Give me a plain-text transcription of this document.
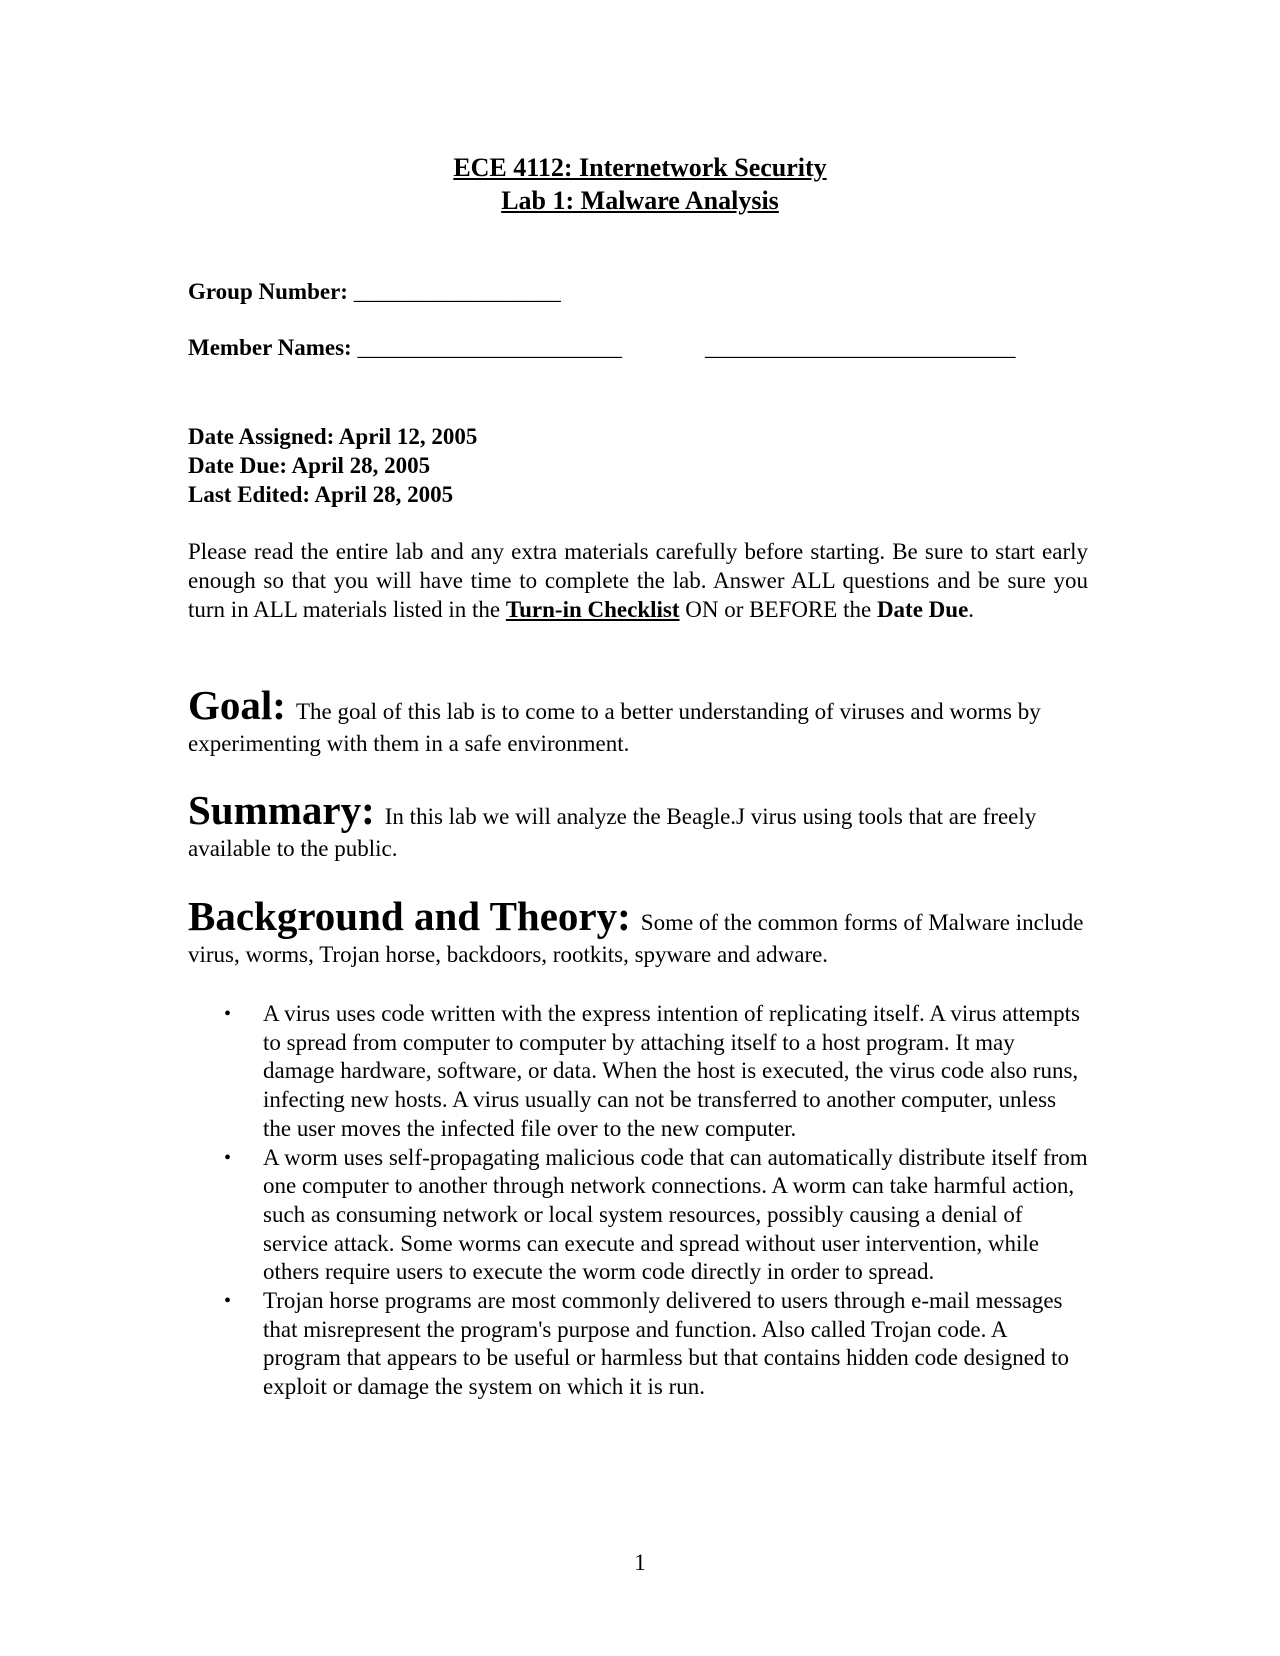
ECE 4112: Internetwork Security
Lab 1: Malware Analysis
Group Number: __________________
Member Names: _______________________	___________________________
Date Assigned: April 12, 2005
Date Due: April 28, 2005
Last Edited: April 28, 2005
Please read the entire lab and any extra materials carefully before starting. Be sure to start early enough so that you will have time to complete the lab. Answer ALL questions and be sure you turn in ALL materials listed in the Turn-in Checklist ON or BEFORE the Date Due.
Goal: The goal of this lab is to come to a better understanding of viruses and worms by experimenting with them in a safe environment.
Summary: In this lab we will analyze the Beagle.J virus using tools that are freely available to the public.
Background and Theory: Some of the common forms of Malware include virus, worms, Trojan horse, backdoors, rootkits, spyware and adware.
• A virus uses code written with the express intention of replicating itself. A virus attempts to spread from computer to computer by attaching itself to a host program. It may damage hardware, software, or data. When the host is executed, the virus code also runs, infecting new hosts. A virus usually can not be transferred to another computer, unless the user moves the infected file over to the new computer.
• A worm uses self-propagating malicious code that can automatically distribute itself from one computer to another through network connections. A worm can take harmful action, such as consuming network or local system resources, possibly causing a denial of service attack. Some worms can execute and spread without user intervention, while others require users to execute the worm code directly in order to spread.
• Trojan horse programs are most commonly delivered to users through e-mail messages that misrepresent the program's purpose and function. Also called Trojan code. A program that appears to be useful or harmless but that contains hidden code designed to exploit or damage the system on which it is run.
1
